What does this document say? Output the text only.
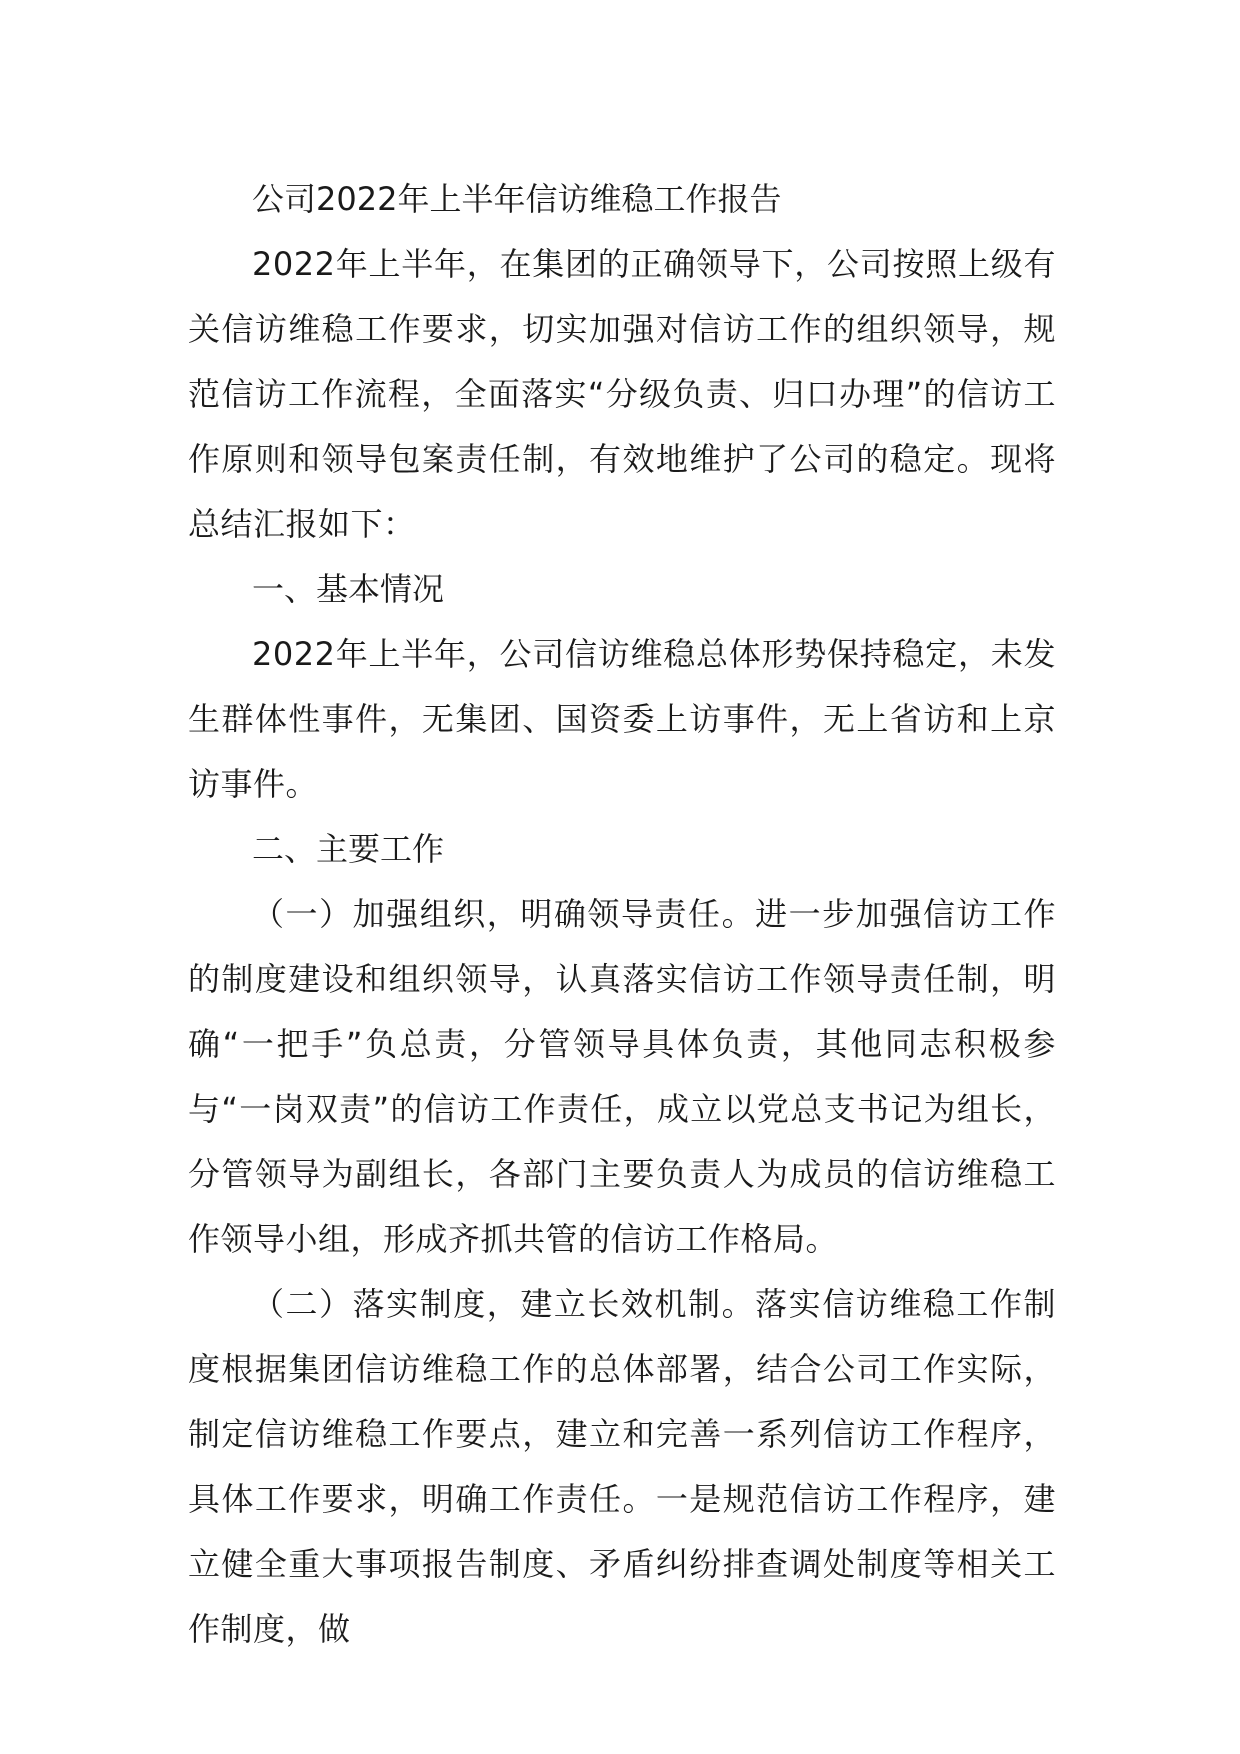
公司2022年上半年信访维稳工作报告

2022年上半年，在集团的正确领导下，公司按照上级有关信访维稳工作要求，切实加强对信访工作的组织领导，规范信访工作流程，全面落实“分级负责、归口办理”的信访工作原则和领导包案责任制，有效地维护了公司的稳定。现将总结汇报如下：

一、基本情况

2022年上半年，公司信访维稳总体形势保持稳定，未发生群体性事件，无集团、国资委上访事件，无上省访和上京访事件。

二、主要工作

（一）加强组织，明确领导责任。进一步加强信访工作的制度建设和组织领导，认真落实信访工作领导责任制，明确“一把手”负总责，分管领导具体负责，其他同志积极参与“一岗双责”的信访工作责任，成立以党总支书记为组长，分管领导为副组长，各部门主要负责人为成员的信访维稳工作领导小组，形成齐抓共管的信访工作格局。

（二）落实制度，建立长效机制。落实信访维稳工作制度根据集团信访维稳工作的总体部署，结合公司工作实际，制定信访维稳工作要点，建立和完善一系列信访工作程序，具体工作要求，明确工作责任。一是规范信访工作程序，建立健全重大事项报告制度、矛盾纠纷排查调处制度等相关工作制度，做
